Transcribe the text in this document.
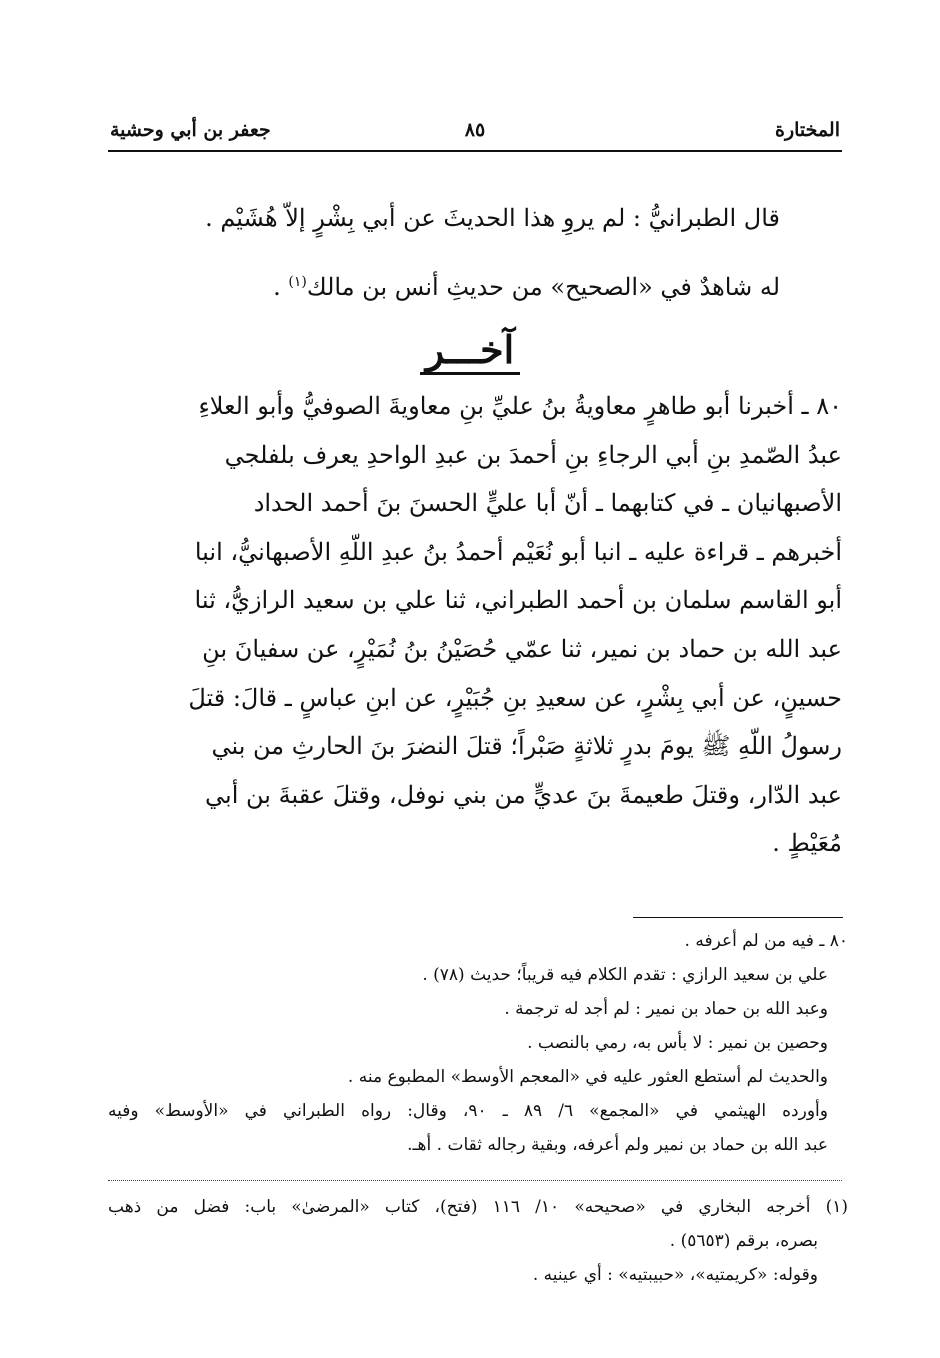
المختارة
٨٥
جعفر بن أبي وحشية

قال الطبرانيُّ : لم يروِ هذا الحديثَ عن أبي بِشْرٍ إلاّ هُشَيْم .

له شاهدٌ في «الصحيح» من حديثِ أنس بن مالك$^{(١)}$ .

آخـــر

٨٠ ـ أخبرنا أبو طاهرٍ معاويةُ بنُ عليِّ بنِ معاويةَ الصوفيُّ وأبو العلاءِ

عبدُ الصّمدِ بنِ أبي الرجاءِ بنِ أحمدَ بن عبدِ الواحدِ يعرف بلفلجي

الأصبهانيان ـ في كتابهما ـ أنّ أبا عليٍّ الحسنَ بنَ أحمد الحداد

أخبرهم ـ قراءة عليه ـ انبا أبو نُعَيْم أحمدُ بنُ عبدِ اللّهِ الأصبهانيُّ، انبا

أبو القاسم سلمان بن أحمد الطبراني، ثنا علي بن سعيد الرازيُّ، ثنا

عبد الله بن حماد بن نمير، ثنا عمّي حُصَيْنُ بنُ نُمَيْرٍ، عن سفيانَ بنِ

حسينٍ، عن أبي بِشْرٍ، عن سعيدِ بنِ جُبَيْرٍ، عن ابنِ عباسٍ ـ قالَ: قتلَ

رسولُ اللّهِ ﷺ يومَ بدرٍ ثلاثةٍ صَبْراً؛ قتلَ النضرَ بنَ الحارثِ من بني

عبد الدّار، وقتلَ طعيمةَ بنَ عديٍّ من بني نوفل، وقتلَ عقبةَ بن أبي

مُعَيْطٍ .

٨٠ ـ فيه من لم أعرفه .
علي بن سعيد الرازي : تقدم الكلام فيه قريباً؛ حديث (٧٨) .
وعبد الله بن حماد بن نمير : لم أجد له ترجمة .
وحصين بن نمير : لا بأس به، رمي بالنصب .
والحديث لم أستطع العثور عليه في «المعجم الأوسط» المطبوع منه .
وأورده الهيثمي في «المجمع» ٦/ ٨٩ ـ ٩٠، وقال: رواه الطبراني في «الأوسط» وفيه
عبد الله بن حماد بن نمير ولم أعرفه، وبقية رجاله ثقات . أهـ.
(١) أخرجه البخاري في «صحيحه» ١٠/ ١١٦ (فتح)، كتاب «المرضىٰ» باب: فضل من ذهب
بصره، برقم (٥٦٥٣) .
وقوله: «كريمتيه»، «حبيبتيه» : أي عينيه .
